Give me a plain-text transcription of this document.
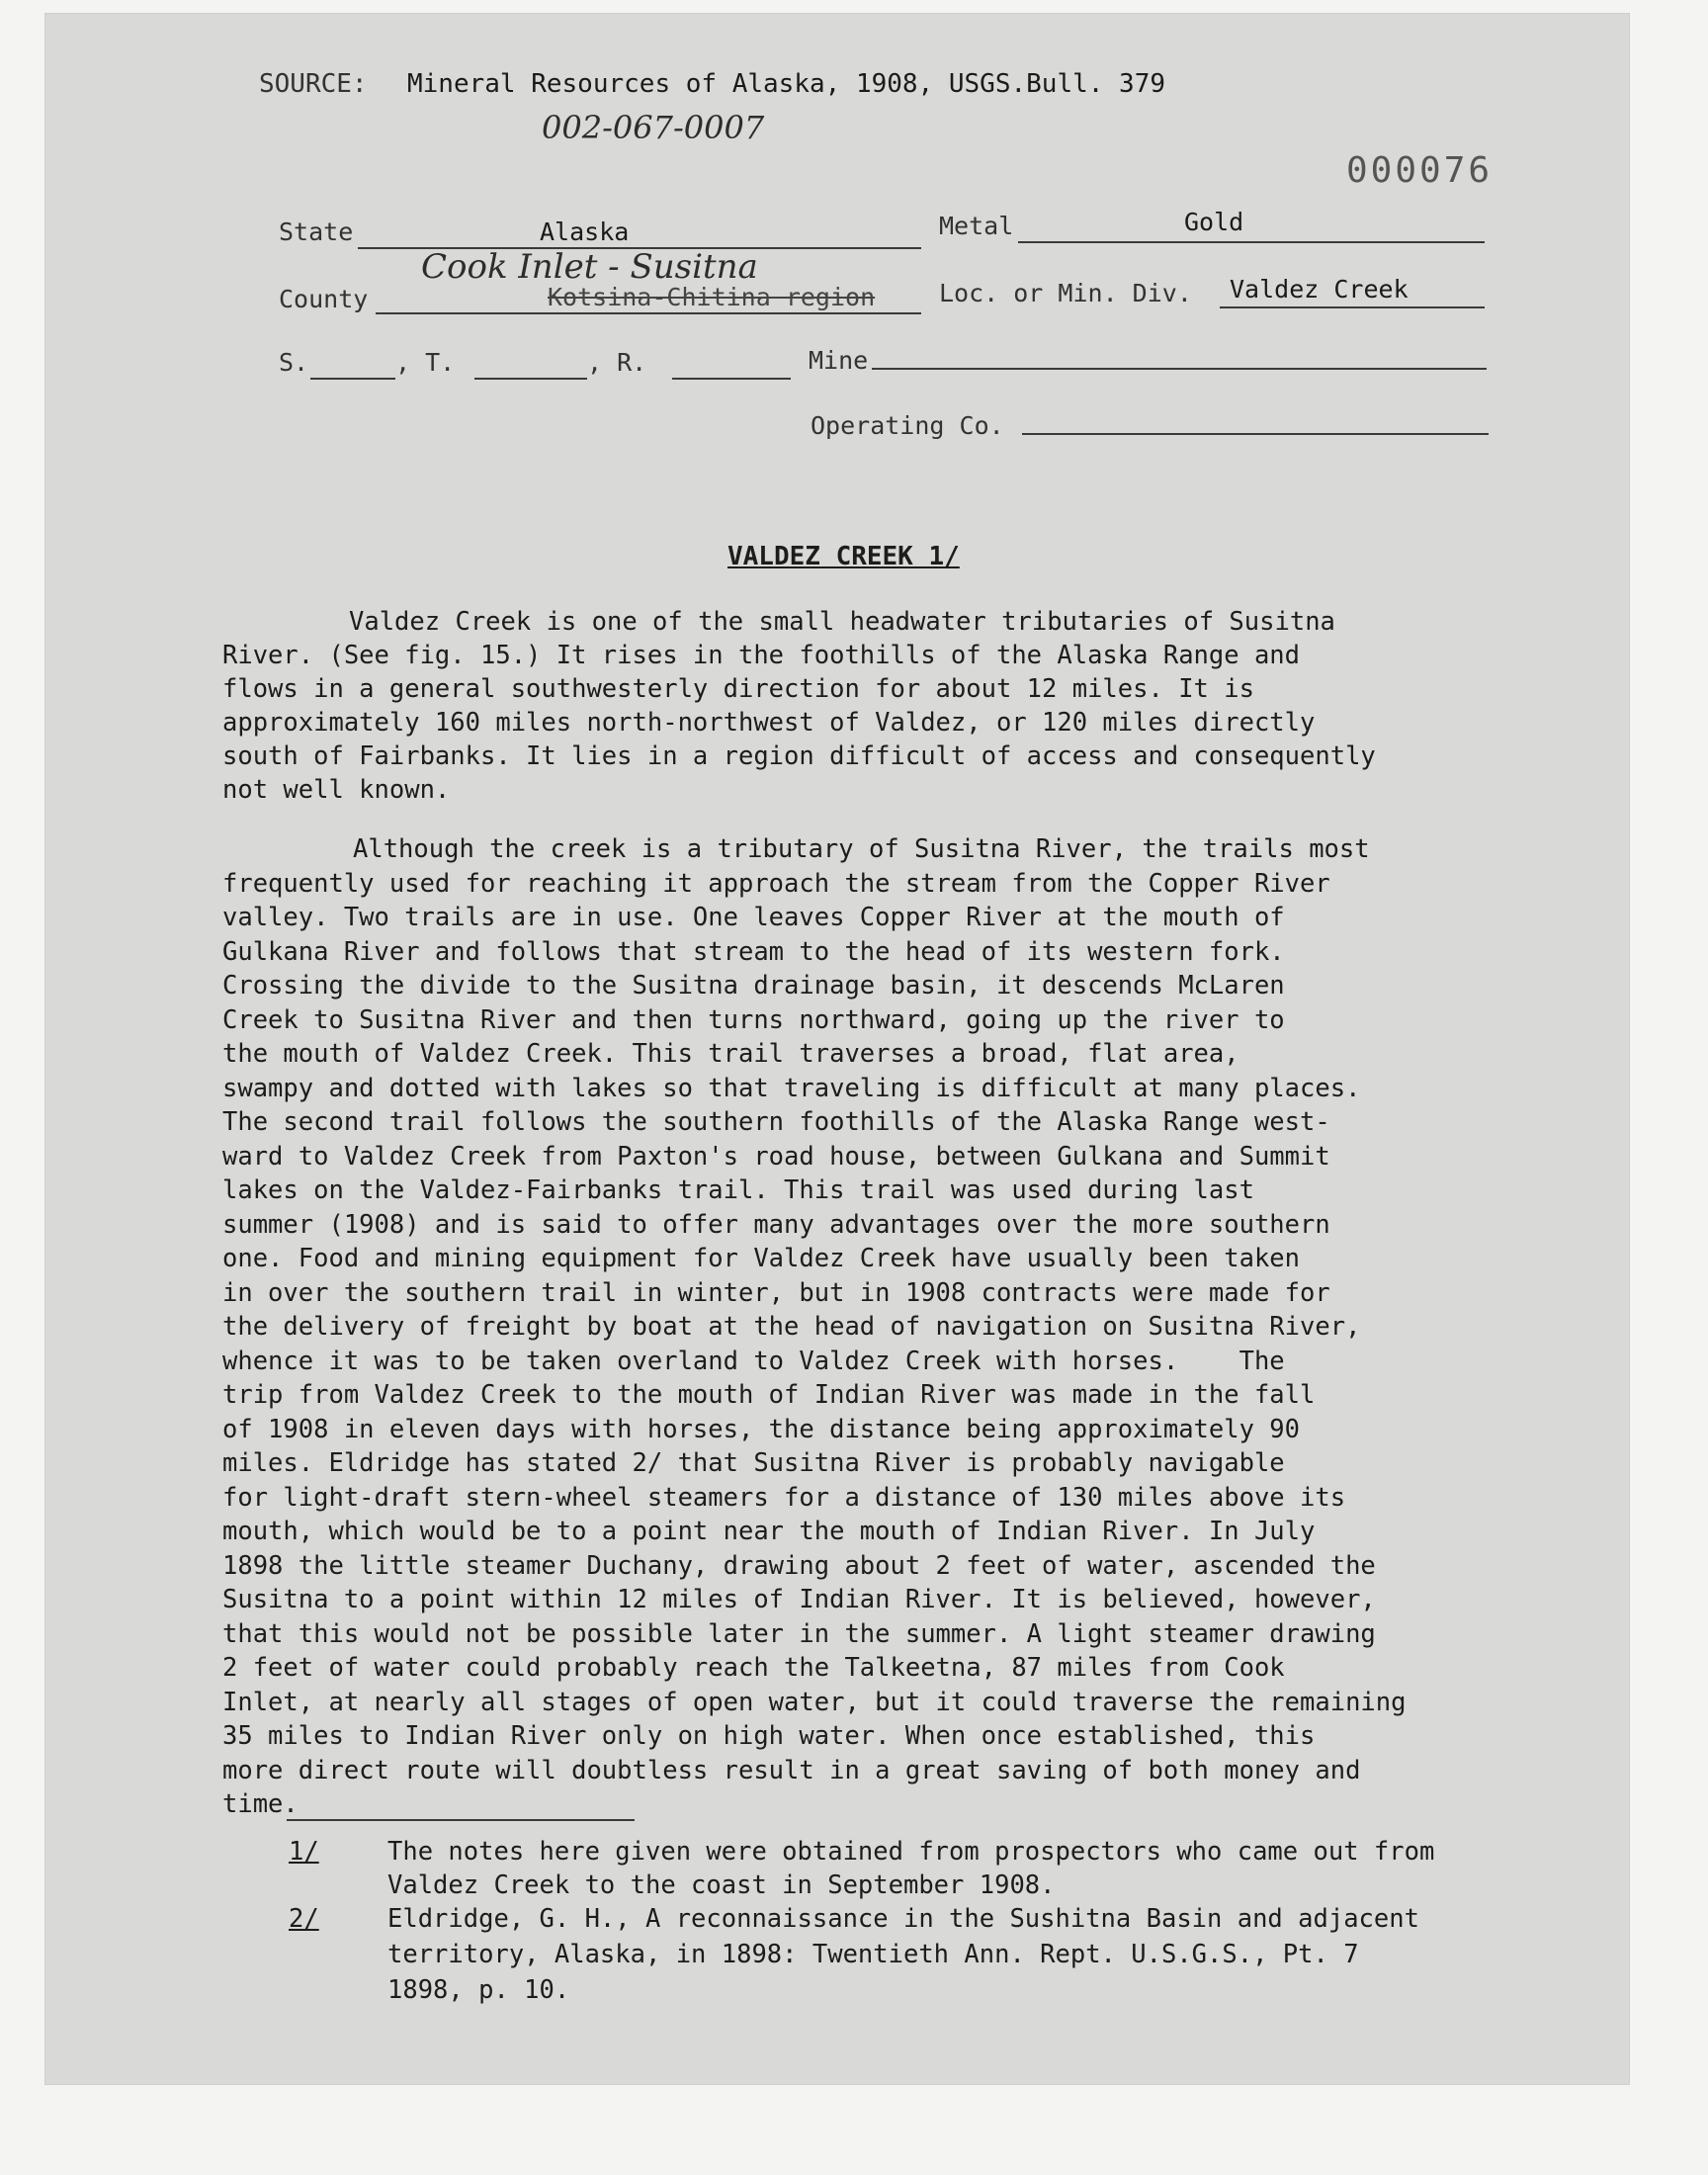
SOURCE: Mineral Resources of Alaska, 1908, USGS.Bull. 379
002-067-0007
000076
State	Alaska	Metal	Gold
Cook Inlet - Susitna
County	Kotsina-Chitina region	Loc. or Min. Div. Valdez Creek
S.	, T.	, R.	Mine
Operating Co.
VALDEZ CREEK 1/

Valdez Creek is one of the small headwater tributaries of Susitna

River. (See fig. 15.) It rises in the foothills of the Alaska Range and

flows in a general southwesterly direction for about 12 miles. It is

approximately 160 miles north-northwest of Valdez, or 120 miles directly

south of Fairbanks. It lies in a region difficult of access and consequently

not well known.

Although the creek is a tributary of Susitna River, the trails most

frequently used for reaching it approach the stream from the Copper River

valley. Two trails are in use. One leaves Copper River at the mouth of

Gulkana River and follows that stream to the head of its western fork.

Crossing the divide to the Susitna drainage basin, it descends McLaren

Creek to Susitna River and then turns northward, going up the river to

the mouth of Valdez Creek. This trail traverses a broad, flat area,

swampy and dotted with lakes so that traveling is difficult at many places.

The second trail follows the southern foothills of the Alaska Range west-

ward to Valdez Creek from Paxton's road house, between Gulkana and Summit

lakes on the Valdez-Fairbanks trail. This trail was used during last

summer (1908) and is said to offer many advantages over the more southern

one. Food and mining equipment for Valdez Creek have usually been taken

in over the southern trail in winter, but in 1908 contracts were made for

the delivery of freight by boat at the head of navigation on Susitna River,

whence it was to be taken overland to Valdez Creek with horses.    The

trip from Valdez Creek to the mouth of Indian River was made in the fall

of 1908 in eleven days with horses, the distance being approximately 90

miles. Eldridge has stated 2/ that Susitna River is probably navigable

for light-draft stern-wheel steamers for a distance of 130 miles above its

mouth, which would be to a point near the mouth of Indian River. In July

1898 the little steamer Duchany, drawing about 2 feet of water, ascended the

Susitna to a point within 12 miles of Indian River. It is believed, however,

that this would not be possible later in the summer. A light steamer drawing

2 feet of water could probably reach the Talkeetna, 87 miles from Cook

Inlet, at nearly all stages of open water, but it could traverse the remaining

35 miles to Indian River only on high water. When once established, this

more direct route will doubtless result in a great saving of both money and

time.

1/	The notes here given were obtained from prospectors who came out from
Valdez Creek to the coast in September 1908.
2/	Eldridge, G. H., A reconnaissance in the Sushitna Basin and adjacent
territory, Alaska, in 1898: Twentieth Ann. Rept. U.S.G.S., Pt. 7
1898, p. 10.
